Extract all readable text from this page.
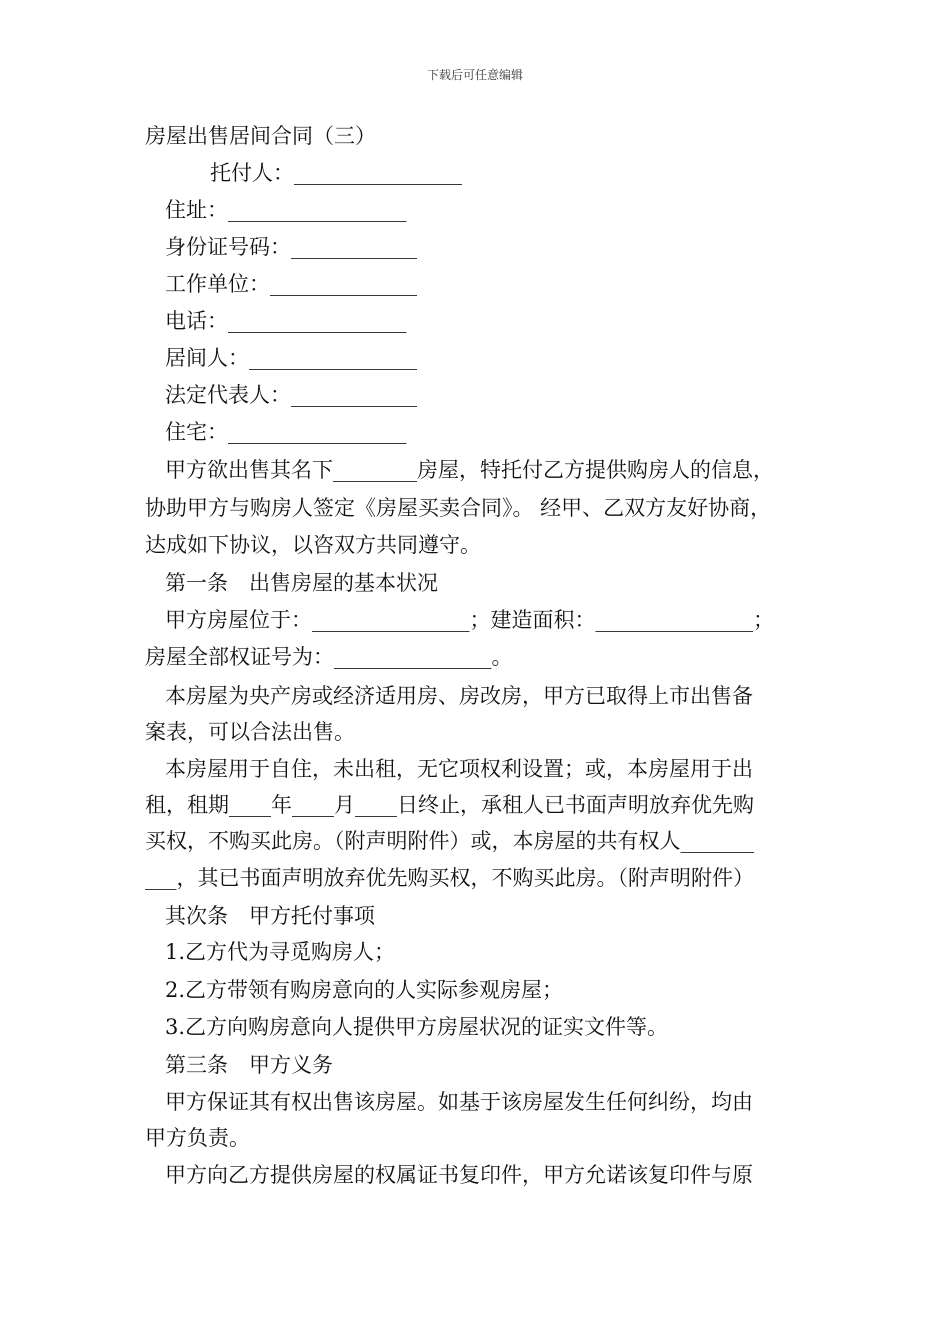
下载后可任意编辑
房屋出售居间合同（三）
托付人：________________
住址：_________________
身份证号码：____________
工作单位：______________
电话：_________________
居间人：________________
法定代表人：____________
住宅：_________________
甲方欲出售其名下________房屋，特托付乙方提供购房人的信息，
协助甲方与购房人签定《房屋买卖合同》。 经甲、乙双方友好协商，
达成如下协议，以咨双方共同遵守。
第一条　出售房屋的基本状况
甲方房屋位于：_______________；建造面积：_______________；
房屋全部权证号为：_______________。
本房屋为央产房或经济适用房、房改房，甲方已取得上市出售备
案表，可以合法出售。
本房屋用于自住，未出租，无它项权利设置；或，本房屋用于出
租，租期____年____月____日终止，承租人已书面声明放弃优先购
买权，不购买此房。（附声明附件）或，本房屋的共有权人_______
___，其已书面声明放弃优先购买权，不购买此房。（附声明附件）
其次条　甲方托付事项
1.乙方代为寻觅购房人；
2.乙方带领有购房意向的人实际参观房屋；
3.乙方向购房意向人提供甲方房屋状况的证实文件等。
第三条　甲方义务
甲方保证其有权出售该房屋。如基于该房屋发生任何纠纷，均由
甲方负责。
甲方向乙方提供房屋的权属证书复印件，甲方允诺该复印件与原
